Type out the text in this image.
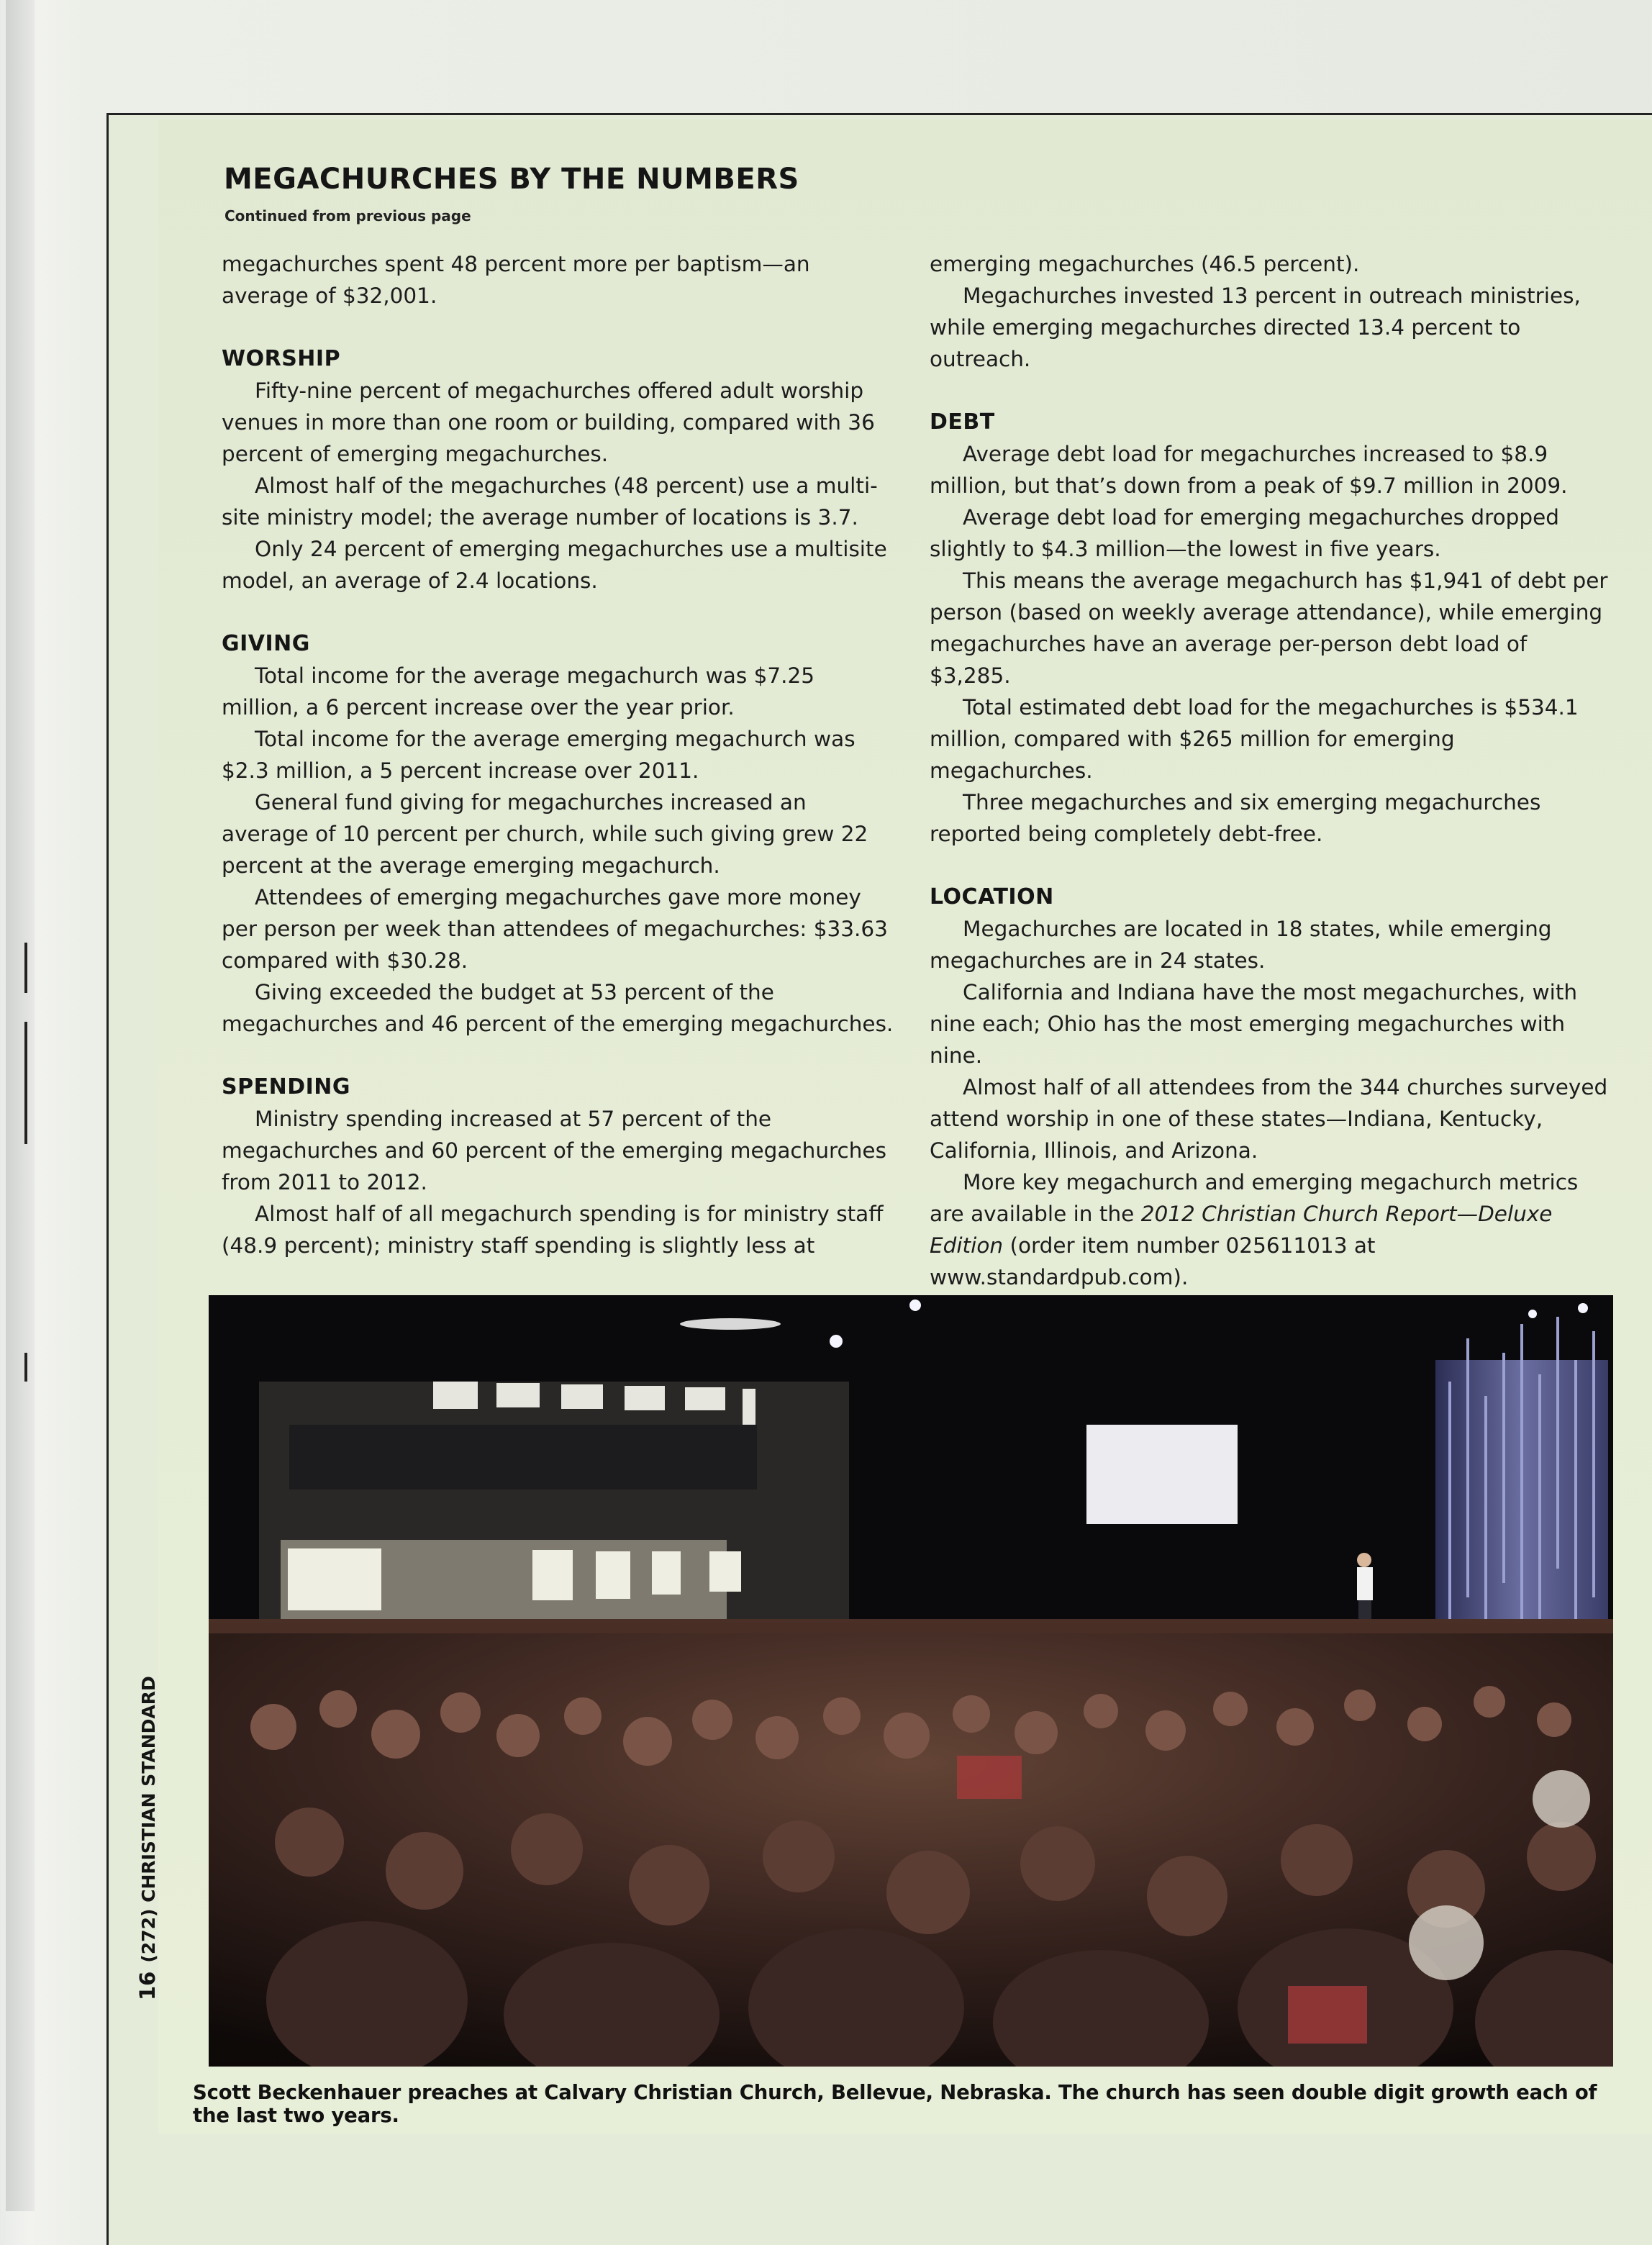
MEGACHURCHES BY THE NUMBERS
Continued from previous page

megachurches spent 48 percent more per baptism—an average of $32,001.

WORSHIP

Fifty-nine percent of megachurches offered adult worship venues in more than one room or building, compared with 36 percent of emerging megachurches.

Almost half of the megachurches (48 percent) use a multi-site ministry model; the average number of locations is 3.7.

Only 24 percent of emerging megachurches use a multisite model, an average of 2.4 locations.

GIVING

Total income for the average megachurch was $7.25 million, a 6 percent increase over the year prior.

Total income for the average emerging megachurch was $2.3 million, a 5 percent increase over 2011.

General fund giving for megachurches increased an average of 10 percent per church, while such giving grew 22 percent at the average emerging megachurch.

Attendees of emerging megachurches gave more money per person per week than attendees of megachurches: $33.63 compared with $30.28.

Giving exceeded the budget at 53 percent of the megachurches and 46 percent of the emerging megachurches.

SPENDING

Ministry spending increased at 57 percent of the megachurches and 60 percent of the emerging megachurches from 2011 to 2012.

Almost half of all megachurch spending is for ministry staff (48.9 percent); ministry staff spending is slightly less at

emerging megachurches (46.5 percent).

Megachurches invested 13 percent in outreach ministries, while emerging megachurches directed 13.4 percent to outreach.

DEBT

Average debt load for megachurches increased to $8.9 million, but that’s down from a peak of $9.7 million in 2009.

Average debt load for emerging megachurches dropped slightly to $4.3 million—the lowest in five years.

This means the average megachurch has $1,941 of debt per person (based on weekly average attendance), while emerging megachurches have an average per-person debt load of $3,285.

Total estimated debt load for the megachurches is $534.1 million, compared with $265 million for emerging megachurches.

Three megachurches and six emerging megachurches reported being completely debt-free.

LOCATION

Megachurches are located in 18 states, while emerging megachurches are in 24 states.

California and Indiana have the most megachurches, with nine each; Ohio has the most emerging megachurches with nine.

Almost half of all attendees from the 344 churches surveyed attend worship in one of these states—Indiana, Kentucky, California, Illinois, and Arizona.

More key megachurch and emerging megachurch metrics are available in the 2012 Christian Church Report—Deluxe Edition (order item number 025611013 at www.standardpub.com).

Scott Beckenhauer preaches at Calvary Christian Church, Bellevue, Nebraska. The church has seen double digit growth each of the last two years.
16(272) CHRISTIAN STANDARD
